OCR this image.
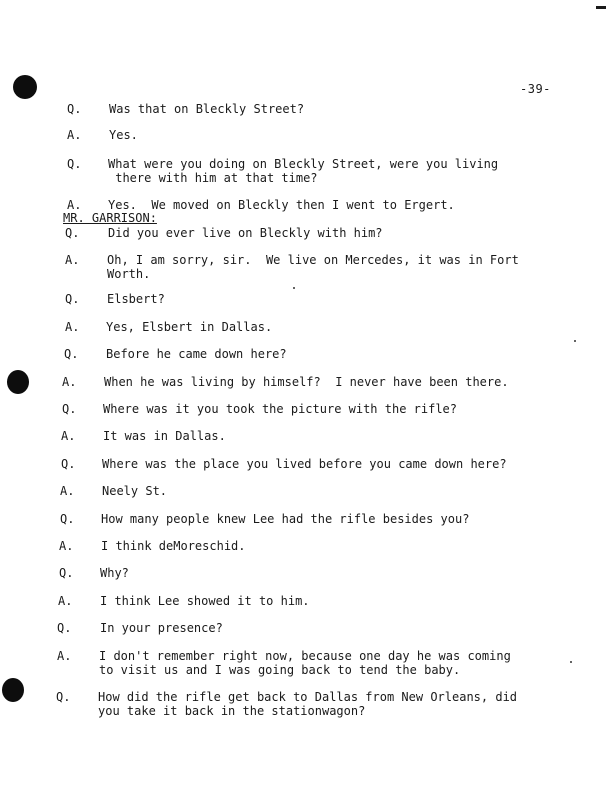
-39-
MR. GARRISON:
Q. Was that on Bleckly Street?
A. Yes.
Q. What were you doing on Bleckly Street, were you living
there with him at that time?
A. Yes.  We moved on Bleckly then I went to Ergert.
Q. Did you ever live on Bleckly with him?
A. Oh, I am sorry, sir.  We live on Mercedes, it was in Fort
Worth.
Q. Elsbert?
A. Yes, Elsbert in Dallas.
Q. Before he came down here?
A. When he was living by himself?  I never have been there.
Q. Where was it you took the picture with the rifle?
A. It was in Dallas.
Q. Where was the place you lived before you came down here?
A. Neely St.
Q. How many people knew Lee had the rifle besides you?
A. I think deMoreschid.
Q. Why?
A. I think Lee showed it to him.
Q. In your presence?
A. I don't remember right now, because one day he was coming
to visit us and I was going back to tend the baby.
Q. How did the rifle get back to Dallas from New Orleans, did
you take it back in the stationwagon?
